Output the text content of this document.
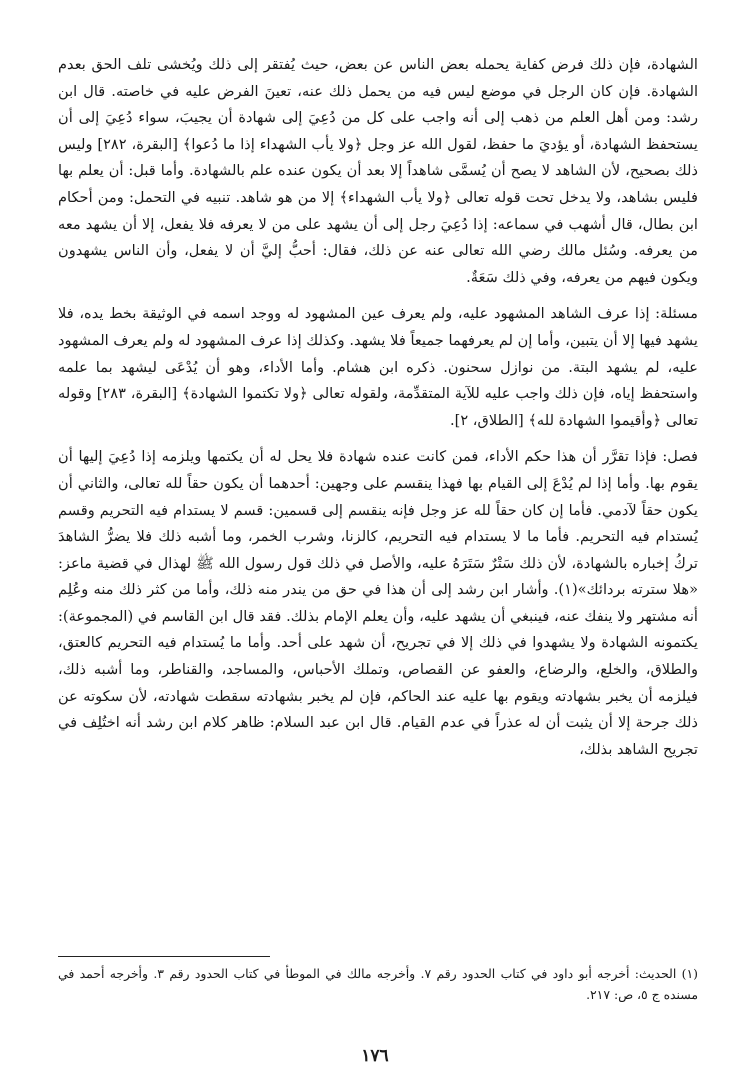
الشهادة، فإن ذلك فرض كفاية يحمله بعض الناس عن بعض، حيث يُفتقر إلى ذلك ويُخشى تلف الحق بعدم الشهادة. فإن كان الرجل في موضع ليس فيه من يحمل ذلك عنه، تعينَ الفرض عليه في خاصته. قال ابن رشد: ومن أهل العلم من ذهب إلى أنه واجب على كل من دُعِيَ إلى شهادة أن يجيبَ، سواء دُعِيَ إلى أن يستحفظ الشهادة، أو يؤديَ ما حفظ، لقول الله عز وجل ﴿ولا يأب الشهداء إذا ما دُعوا﴾ [البقرة، ٢٨٢] وليس ذلك بصحيح، لأن الشاهد لا يصح أن يُسمَّى شاهداً إلا بعد أن يكون عنده علم بالشهادة. وأما قبل: أن يعلم بها فليس بشاهد، ولا يدخل تحت قوله تعالى ﴿ولا يأب الشهداء﴾ إلا من هو شاهد. تنبيه في التحمل: ومن أحكام ابن بطال، قال أشهب في سماعه: إذا دُعِيَ رجل إلى أن يشهد على من لا يعرفه فلا يفعل، إلا أن يشهد معه من يعرفه. وسُئل مالك رضي الله تعالى عنه عن ذلك، فقال: أحبُّ إليَّ أن لا يفعل، وأن الناس يشهدون ويكون فيهم من يعرفه، وفي ذلك سَعَةٌ.

مسئلة: إذا عرف الشاهد المشهود عليه، ولم يعرف عين المشهود له ووجد اسمه في الوثيقة بخط يده، فلا يشهد فيها إلا أن يتبين، وأما إن لم يعرفهما جميعاً فلا يشهد. وكذلك إذا عرف المشهود له ولم يعرف المشهود عليه، لم يشهد البتة. من نوازل سحنون. ذكره ابن هشام. وأما الأداء، وهو أن يُدْعَى ليشهد بما علمه واستحفظ إياه، فإن ذلك واجب عليه للآية المتقدِّمة، ولقوله تعالى ﴿ولا تكتموا الشهادة﴾ [البقرة، ٢٨٣] وقوله تعالى ﴿وأقيموا الشهادة لله﴾ [الطلاق، ٢].

فصل: فإذا تقرَّر أن هذا حكم الأداء، فمن كانت عنده شهادة فلا يحل له أن يكتمها ويلزمه إذا دُعِيَ إليها أن يقوم بها. وأما إذا لم يُدْعَ إلى القيام بها فهذا ينقسم على وجهين: أحدهما أن يكون حقاً لله تعالى، والثاني أن يكون حقاً لآدمي. فأما إن كان حقاً لله عز وجل فإنه ينقسم إلى قسمين: قسم لا يستدام فيه التحريم وقسم يُستدام فيه التحريم. فأما ما لا يستدام فيه التحريم، كالزنا، وشرب الخمر، وما أشبه ذلك فلا يضرُّ الشاهدَ تركُ إخباره بالشهادة، لأن ذلك سَتْرٌ سَتَرَهُ عليه، والأصل في ذلك قول رسول الله ﷺ لهذال في قضية ماعز: «هلا سترته بردائك»(١). وأشار ابن رشد إلى أن هذا في حق من يندر منه ذلك، وأما من كثر ذلك منه وعُلِم أنه مشتهر ولا ينفك عنه، فينبغي أن يشهد عليه، وأن يعلم الإمام بذلك. فقد قال ابن القاسم في (المجموعة): يكتمونه الشهادة ولا يشهدوا في ذلك إلا في تجريح، أن شهد على أحد. وأما ما يُستدام فيه التحريم كالعتق، والطلاق، والخلع، والرضاع، والعفو عن القصاص، وتملك الأحباس، والمساجد، والقناطر، وما أشبه ذلك، فيلزمه أن يخبر بشهادته ويقوم بها عليه عند الحاكم، فإن لم يخبر بشهادته سقطت شهادته، لأن سكوته عن ذلك جرحة إلا أن يثبت أن له عذراً في عدم القيام. قال ابن عبد السلام: ظاهر كلام ابن رشد أنه اختُلِف في تجريح الشاهد بذلك،

(١) الحديث: أخرجه أبو داود في كتاب الحدود رقم ٧. وأخرجه مالك في الموطأ في كتاب الحدود رقم ٣. وأخرجه أحمد في مسنده ج ٥، ص: ٢١٧.

١٧٦
